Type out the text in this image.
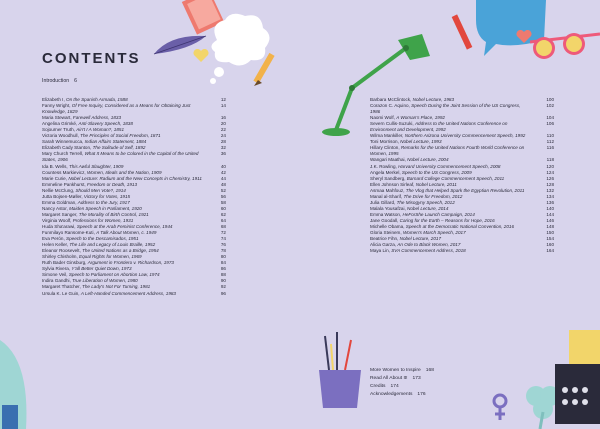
CONTENTS
Introduction 6
Elizabeth I, On the Spanish Armada, 1588	12
Fanny Wright, Of Free Inquiry, Considered as a Means for Obtaining Just Knowledge, 1829
14
Maria Stewart, Farewell Address, 1833	16
Angelina Grimké, Anti-Slavery Speech, 1838	20
Sojourner Truth, Ain't I A Woman?, 1851	22
Victoria Woodhull, The Principles of Social Freedom, 1871	24
Sarah Winnemucca, Indian Affairs Statement, 1884	28
Elizabeth Cady Stanton, The Solitude of Self, 1892	32
Mary Church Terrell, What It Means to be Colored in the Capital of the United States, 1906
36
Ida B. Wells, This Awful Slaughter, 1909	40
Countess Markievicz, Women, Ideals and the Nation, 1909	42
Marie Curie, Nobel Lecture: Radium and the New Concepts in Chemistry, 1911	44
Emmeline Pankhurst, Freedom or Death, 1913	48
Nellie McClung, Should Men Vote?, 1914	52
Jutta Bojsen-Møller, Victory for Votes, 1915	56
Emma Goldman, Address to the Jury, 1917	58
Nancy Astor, Maiden Speech in Parliament, 1920	60
Margaret Sanger, The Morality of Birth Control, 1921	62
Virginia Woolf, Professions for Women, 1931	64
Huda Sha'arawi, Speech at the Arab Feminist Conference, 1944	68
Funmilayo Ransome-Kuti, A Talk About Women, c. 1949	72
Eva Perón, Speech to the Descamisados, 1951	74
Helen Keller, The Life and Legacy of Louis Braille, 1952	76
Eleanor Roosevelt, The United Nations as a Bridge, 1954	78
Shirley Chisholm, Equal Rights for Women, 1969	80
Ruth Bader Ginsburg, Argument in Frontiero v. Richardson, 1973	84
Sylvia Rivera, Y'all Better Quiet Down, 1973	86
Simone Veil, Speech to Parliament on Abortion Law, 1974	88
Indira Gandhi, True Liberation of Women, 1980	90
Margaret Thatcher, The Lady's Not For Turning, 1981	92
Ursula K. Le Guin, A Left-Handed Commencement Address, 1983	96
Barbara McClintock, Nobel Lecture, 1983	100
Corazon C. Aquino, Speech During the Joint Session of the US Congress, 1986
102
Naomi Wolf, A Woman's Place, 1992	104
Severn Cullis-Suzuki, Address to the United Nations Conference on Environment and Development, 1992
106
Wilma Mankiller, Northern Arizona University Commencement Speech, 1992	110
Toni Morrison, Nobel Lecture, 1993	112
Hillary Clinton, Remarks for the United Nations Fourth World Conference on Women, 1995
116
Wangari Maathai, Nobel Lecture, 2004	118
J.K. Rowling, Harvard University Commencement Speech, 2008	120
Angela Merkel, Speech to the US Congress, 2009	124
Sheryl Sandberg, Barnard College Commencement Speech, 2011	126
Ellen Johnson Sirleaf, Nobel Lecture, 2011	128
Asmaa Mahfouz, The Vlog that Helped Spark the Egyptian Revolution, 2011	132
Manal al-Sharif, The Drive for Freedom, 2012	134
Julia Gillard, The Misogyny Speech, 2012	136
Malala Yousafzai, Nobel Lecture, 2014	140
Emma Watson, HeForShe Launch Campaign, 2014	144
Jane Goodall, Caring for the Earth – Reasons for Hope, 2016	146
Michelle Obama, Speech at the Democratic National Convention, 2016	148
Gloria Steinem, Women's March Speech, 2017	150
Beatrice Fihn, Nobel Lecture, 2017	154
Alicia Garza, An Ode to Black Women, 2017	160
Maya Lin, SVA Commencement Address, 2018	164
More Women to Inspire 168
Read All About It! 173
Credits 174
Acknowledgements 176
